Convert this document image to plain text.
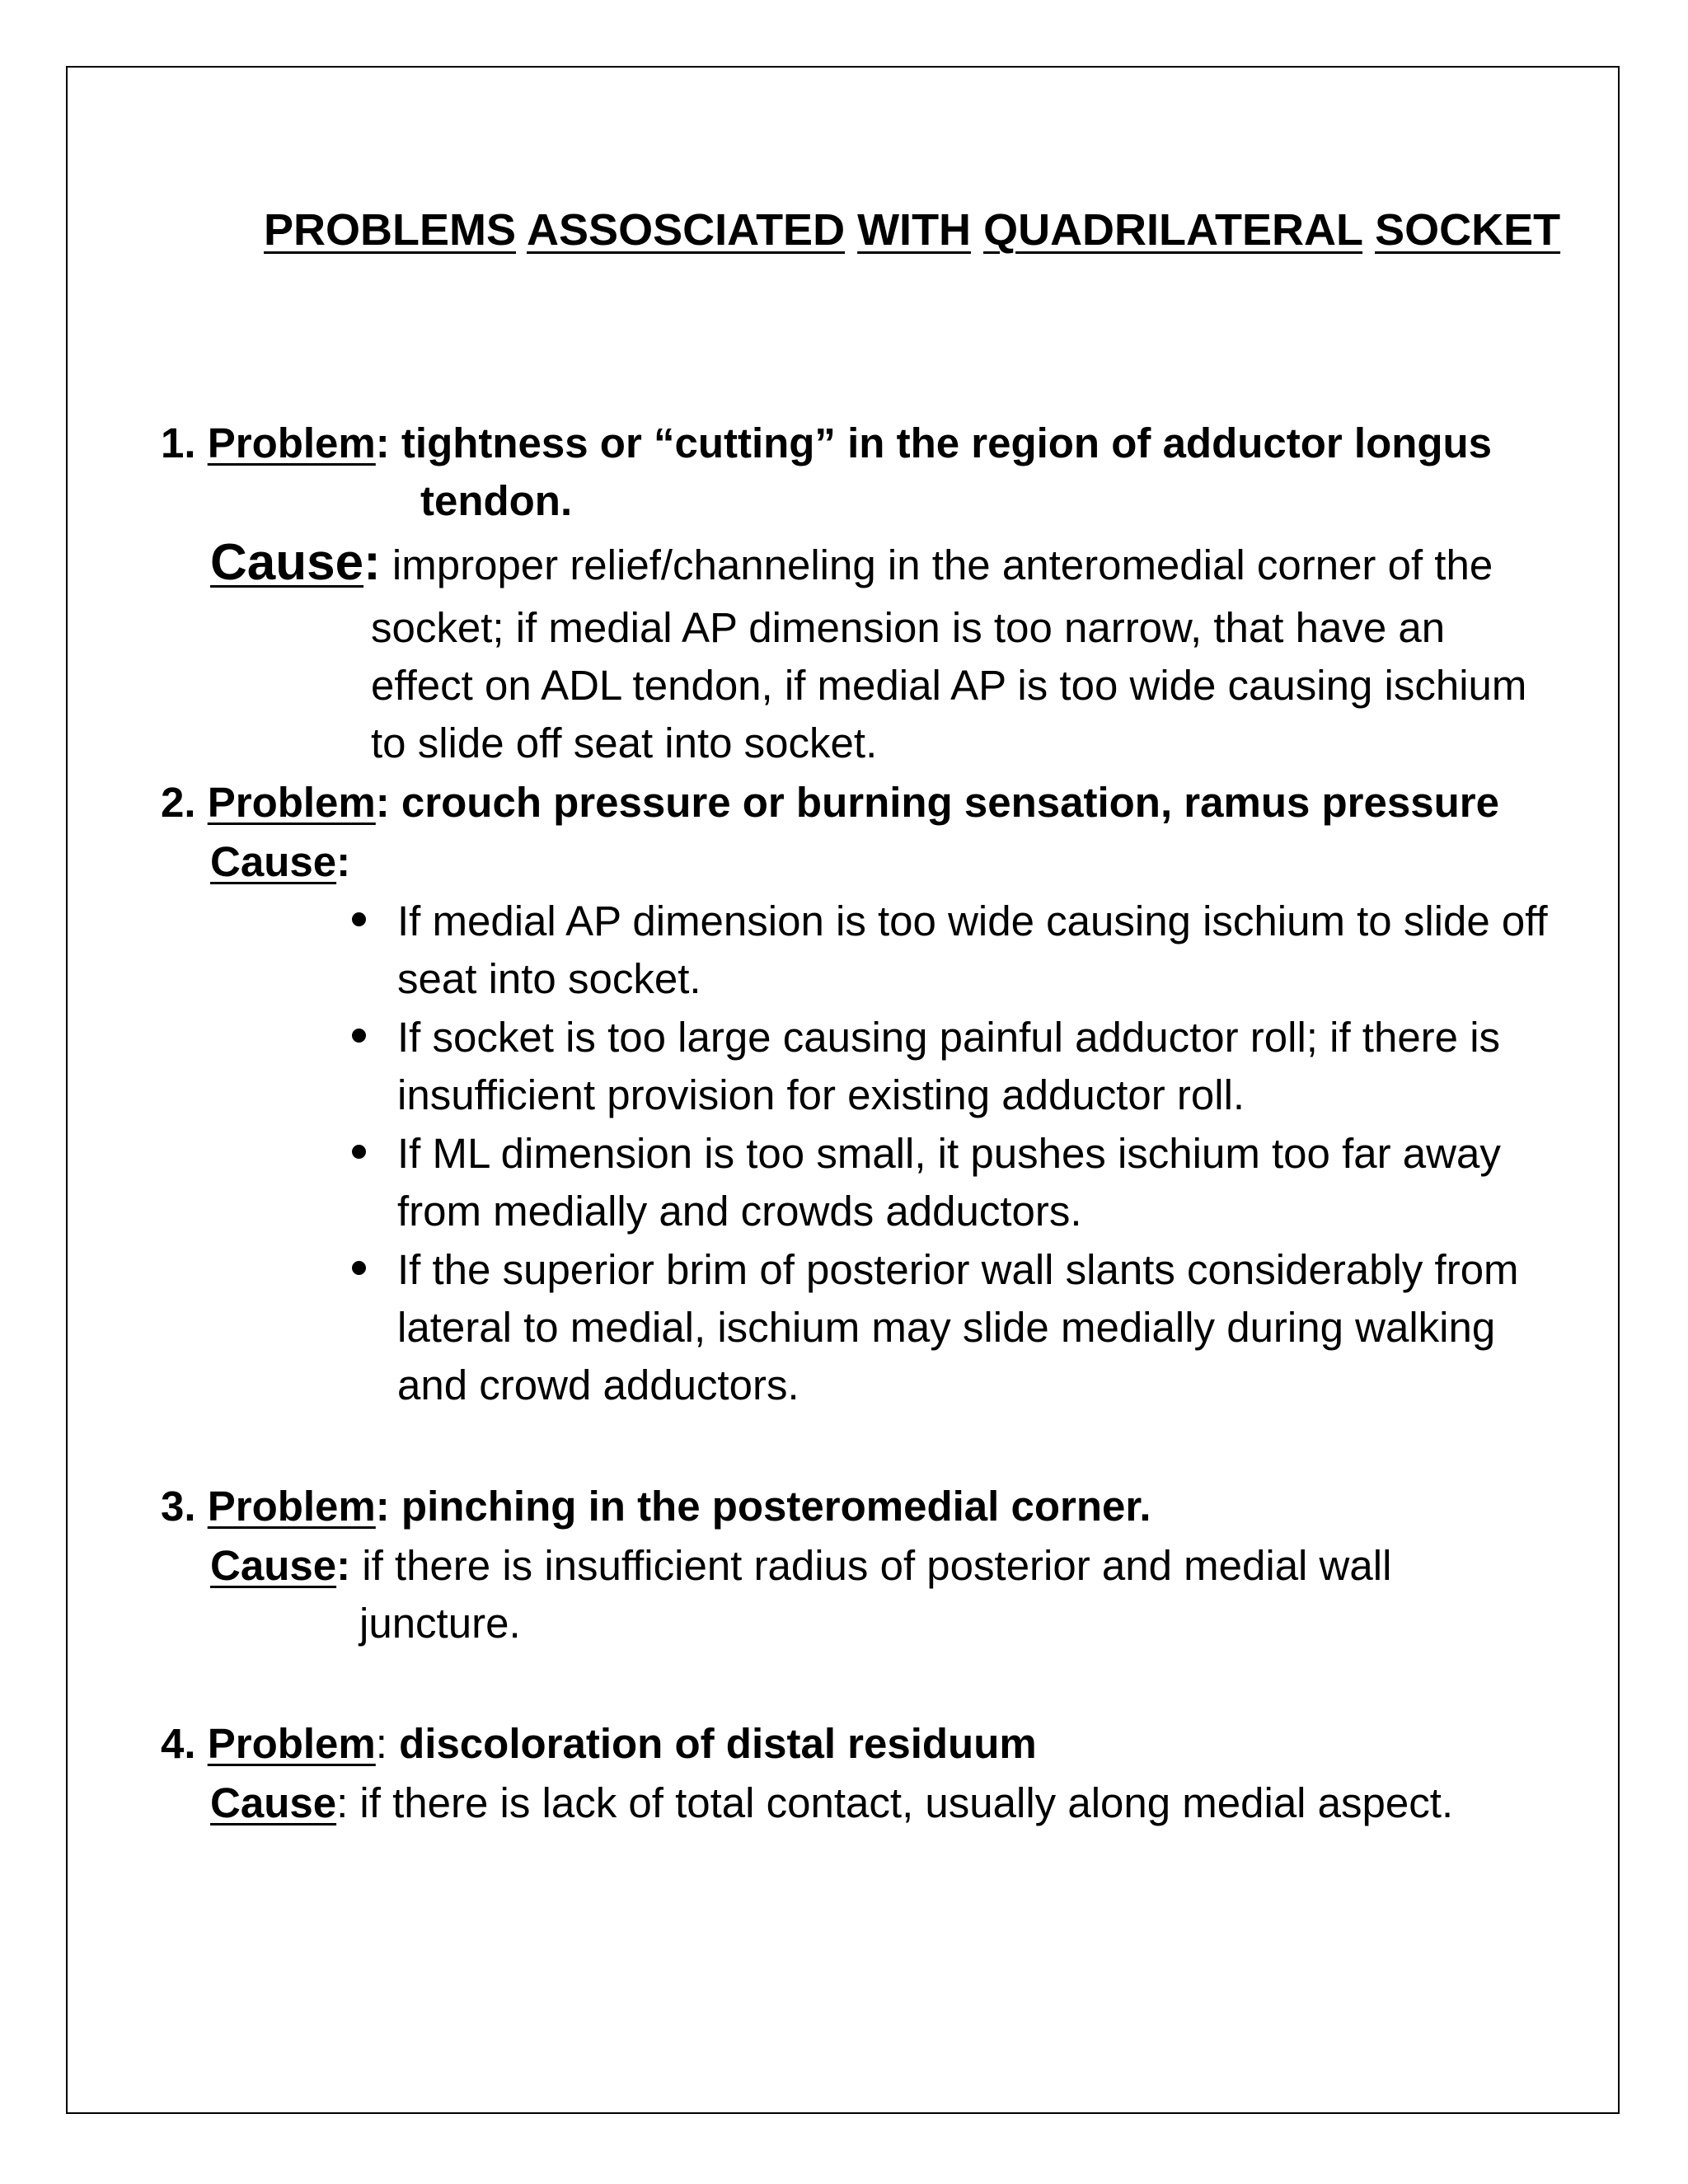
PROBLEMS ASSOSCIATED WITH QUADRILATERAL SOCKET
1. Problem: tightness or “cutting” in the region of adductor longus
tendon.
Cause: improper relief/channeling in the anteromedial corner of the
socket; if medial AP dimension is too narrow, that have an
effect on ADL tendon, if medial AP is too wide causing ischium
to slide off seat into socket.
2. Problem: crouch pressure or burning sensation, ramus pressure
Cause:
If medial AP dimension is too wide causing ischium to slide off
seat into socket.
If socket is too large causing painful adductor roll; if there is
insufficient provision for existing adductor roll.
If ML dimension is too small, it pushes ischium too far away
from medially and crowds adductors.
If the superior brim of posterior wall slants considerably from
lateral to medial, ischium may slide medially during walking
and crowd adductors.
3. Problem: pinching in the posteromedial corner.
Cause: if there is insufficient radius of posterior and medial wall
juncture.
4. Problem: discoloration of distal residuum
Cause: if there is lack of total contact, usually along medial aspect.
